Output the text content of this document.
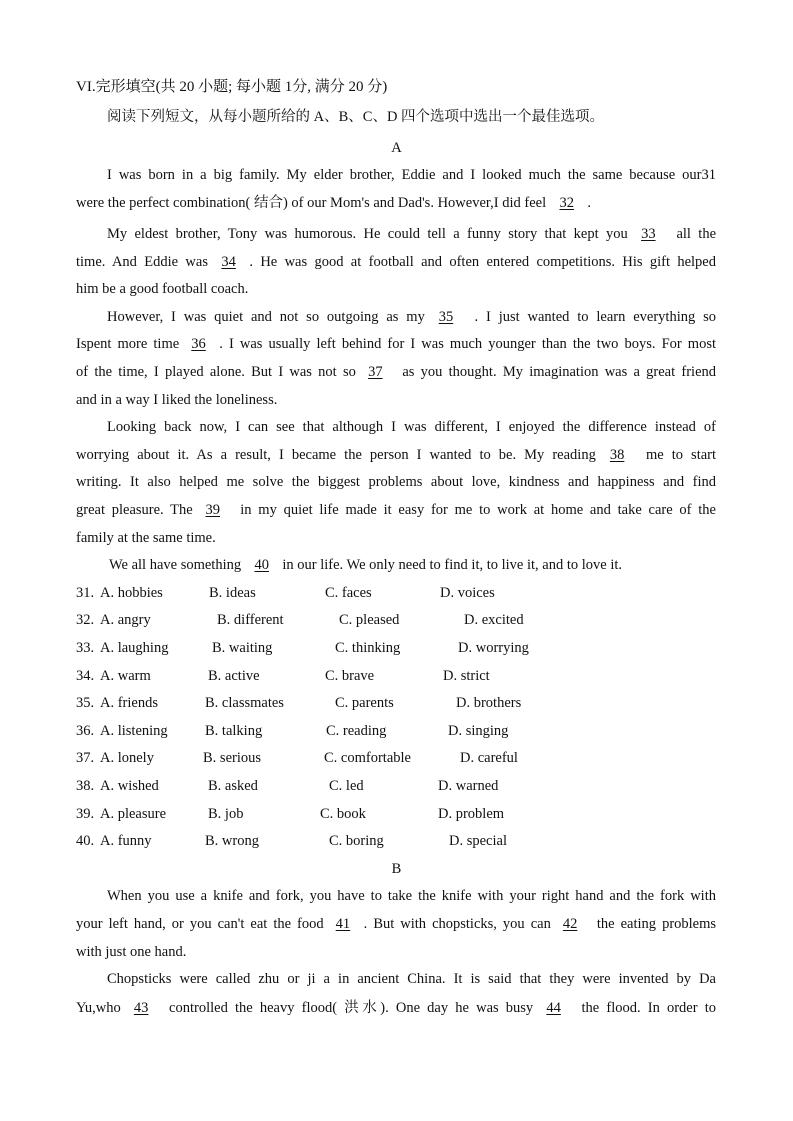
VI.完形填空(共 20 小题; 每小题 1分, 满分 20 分)
阅读下列短文，从每小题所给的 A、B、C、D 四个选项中选出一个最佳选项。
A
I was born in a big family. My elder brother, Eddie and I looked much the same because our31
were the perfect combination( 结合) of our Mom's and Dad's. However,I did feel 32 .
My eldest brother, Tony was humorous. He could tell a funny story that kept you 33 all the
time. And Eddie was 34 . He was good at football and often entered competitions. His gift helped
him be a good football coach.
However, I was quiet and not so outgoing as my 35 . I just wanted to learn everything so
Ispent more time 36 . I was usually left behind for I was much younger than the two boys. For most
of the time, I played alone. But I was not so 37 as you thought. My imagination was a great friend
and in a way I liked the loneliness.
Looking back now, I can see that although I was different, I enjoyed the difference instead of
worrying about it. As a result, I became the person I wanted to be. My reading 38 me to start
writing. It also helped me solve the biggest problems about love, kindness and happiness and find
great pleasure. The 39 in my quiet life made it easy for me to work at home and take care of the
family at the same time.
We all have something 40 in our life. We only need to find it, to live it, and to love it.
31. A. hobbies	B. ideas	C. faces	D. voices
32. A. angry	B. different	C. pleased	D. excited
33. A. laughing	B. waiting	C. thinking	D. worrying
34. A. warm	B. active	C. brave	D. strict
35. A. friends	B. classmates	C. parents	D. brothers
36. A. listening	B. talking	C. reading	D. singing
37. A. lonely	B. serious	C. comfortable	D. careful
38. A. wished	B. asked	C. led	D. warned
39. A. pleasure	B. job	C. book	D. problem
40. A. funny	B. wrong	C. boring	D. special
B
When you use a knife and fork, you have to take the knife with your right hand and the fork with
your left hand, or you can't eat the food 41 . But with chopsticks, you can 42 the eating problems
with just one hand.
Chopsticks were called zhu or ji a in ancient China. It is said that they were invented by Da
Yu,who 43 controlled the heavy flood( 洪水). One day he was busy 44 the flood. In order to
